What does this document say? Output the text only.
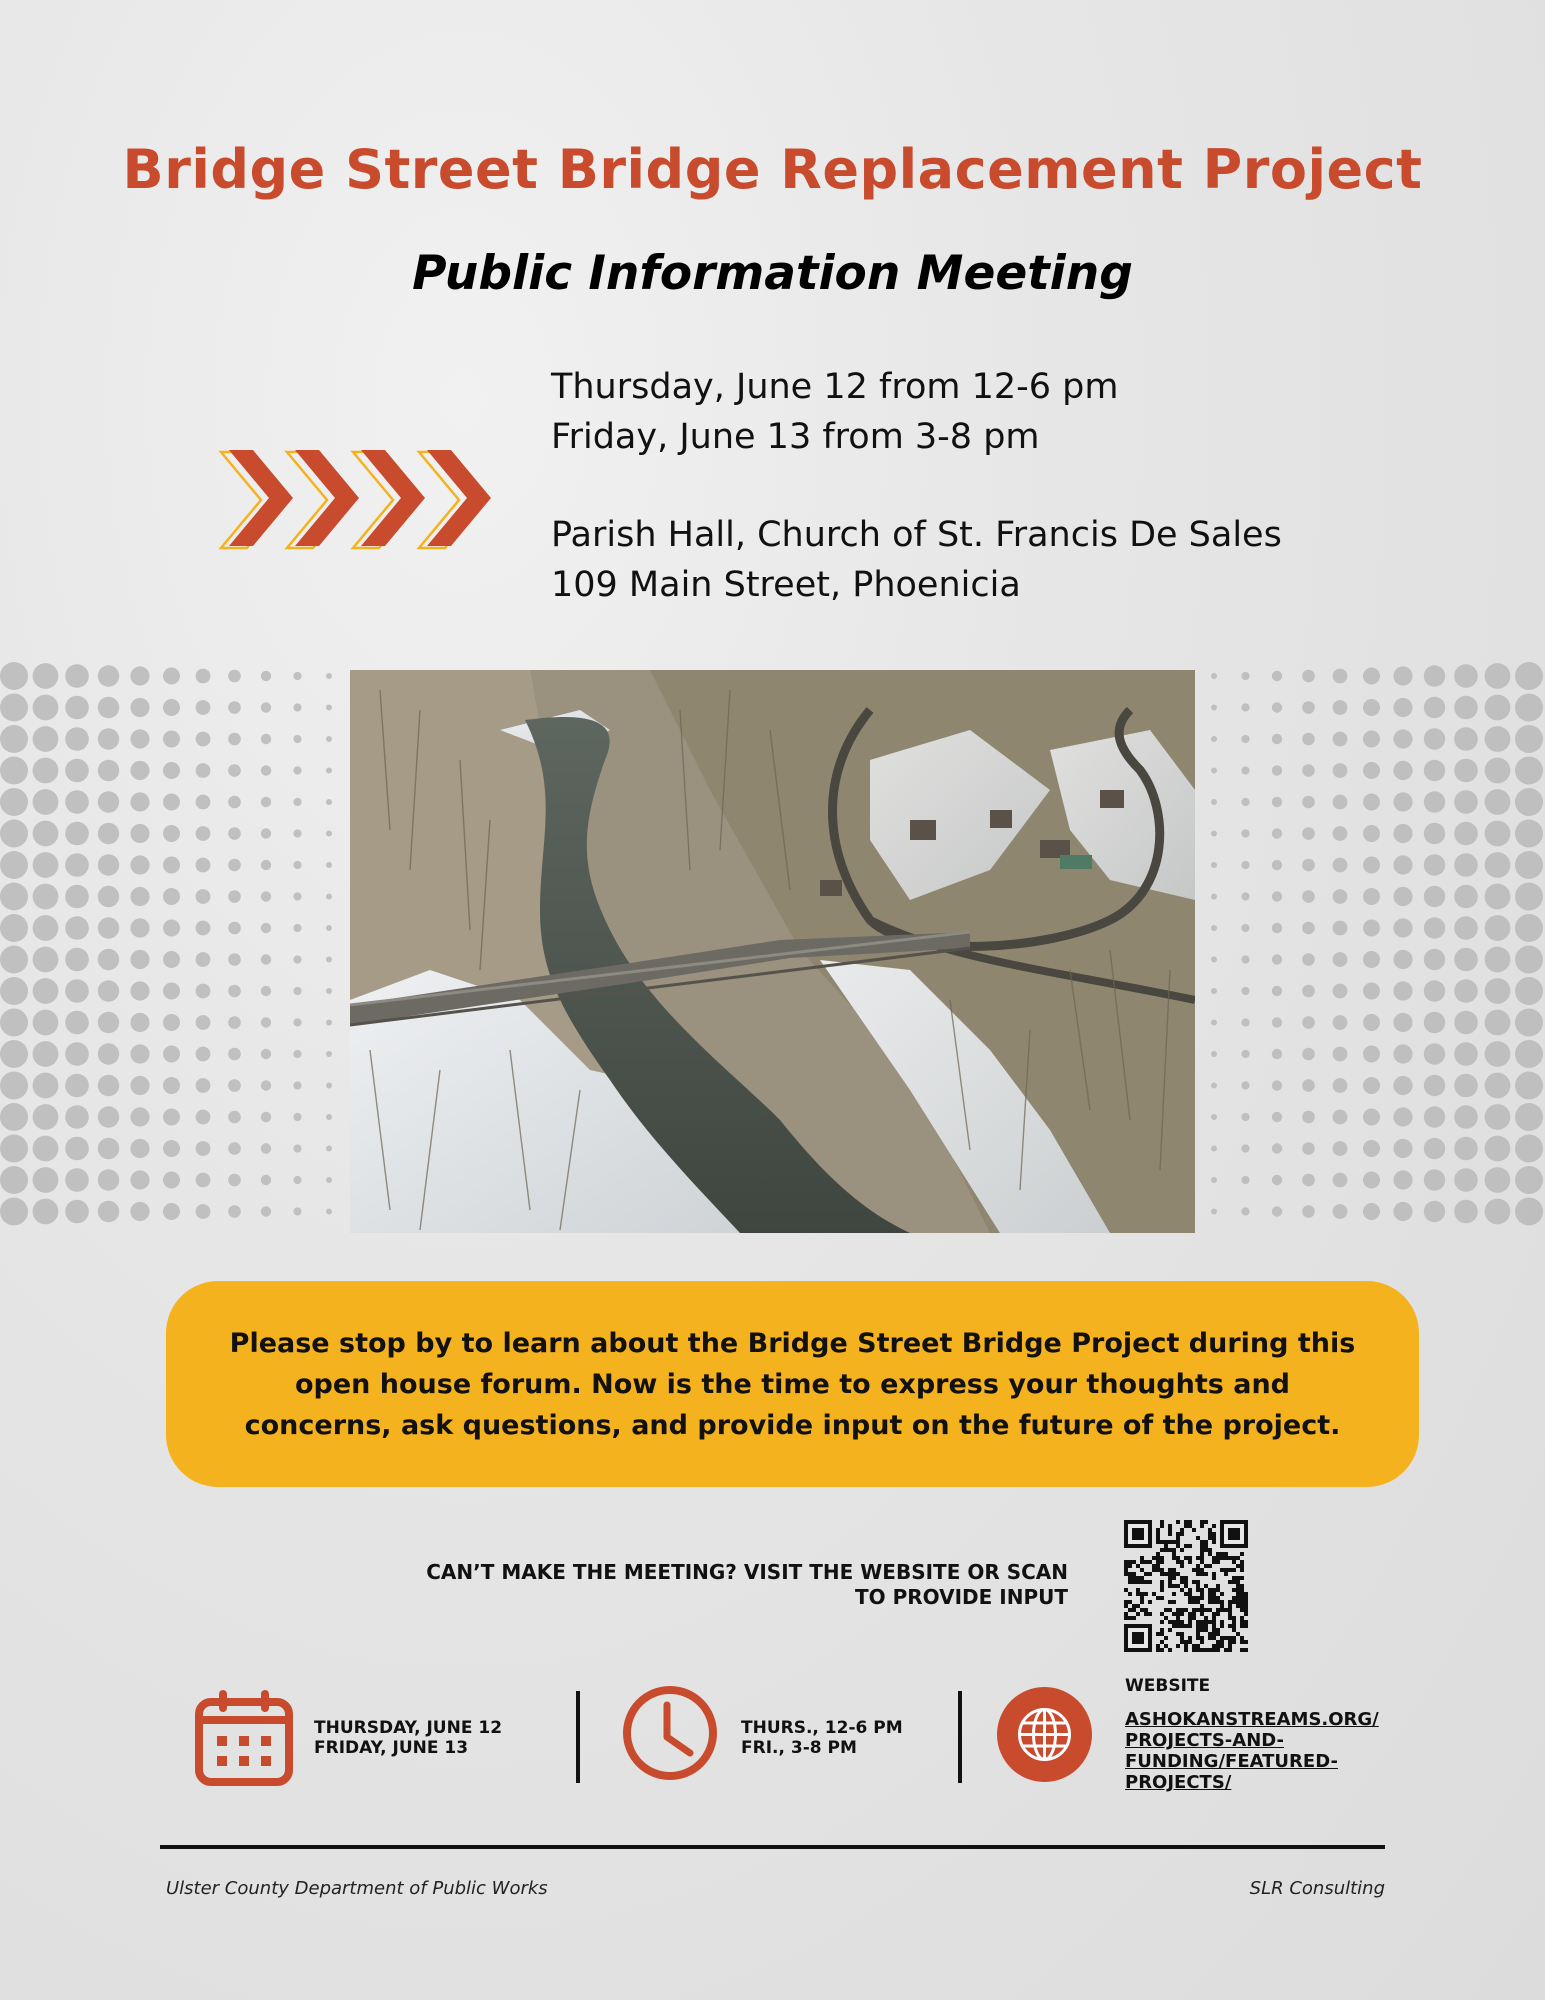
Bridge Street Bridge Replacement Project
Public Information Meeting
Thursday, June 12 from 12-6 pm
Friday, June 13 from 3-8 pm
Parish Hall, Church of St. Francis De Sales
109 Main Street, Phoenicia

Please stop by to learn about the Bridge Street Bridge Project during this open house forum. Now is the time to express your thoughts and concerns, ask questions, and provide input on the future of the project.

CAN’T MAKE THE MEETING? VISIT THE WEBSITE OR SCAN
TO PROVIDE INPUT
THURSDAY, JUNE 12
FRIDAY, JUNE 13
THURS., 12-6 PM
FRI., 3-8 PM
WEBSITE
ASHOKANSTREAMS.ORG/
PROJECTS-AND-
FUNDING/FEATURED-
PROJECTS/
Ulster County Department of Public Works	SLR Consulting
